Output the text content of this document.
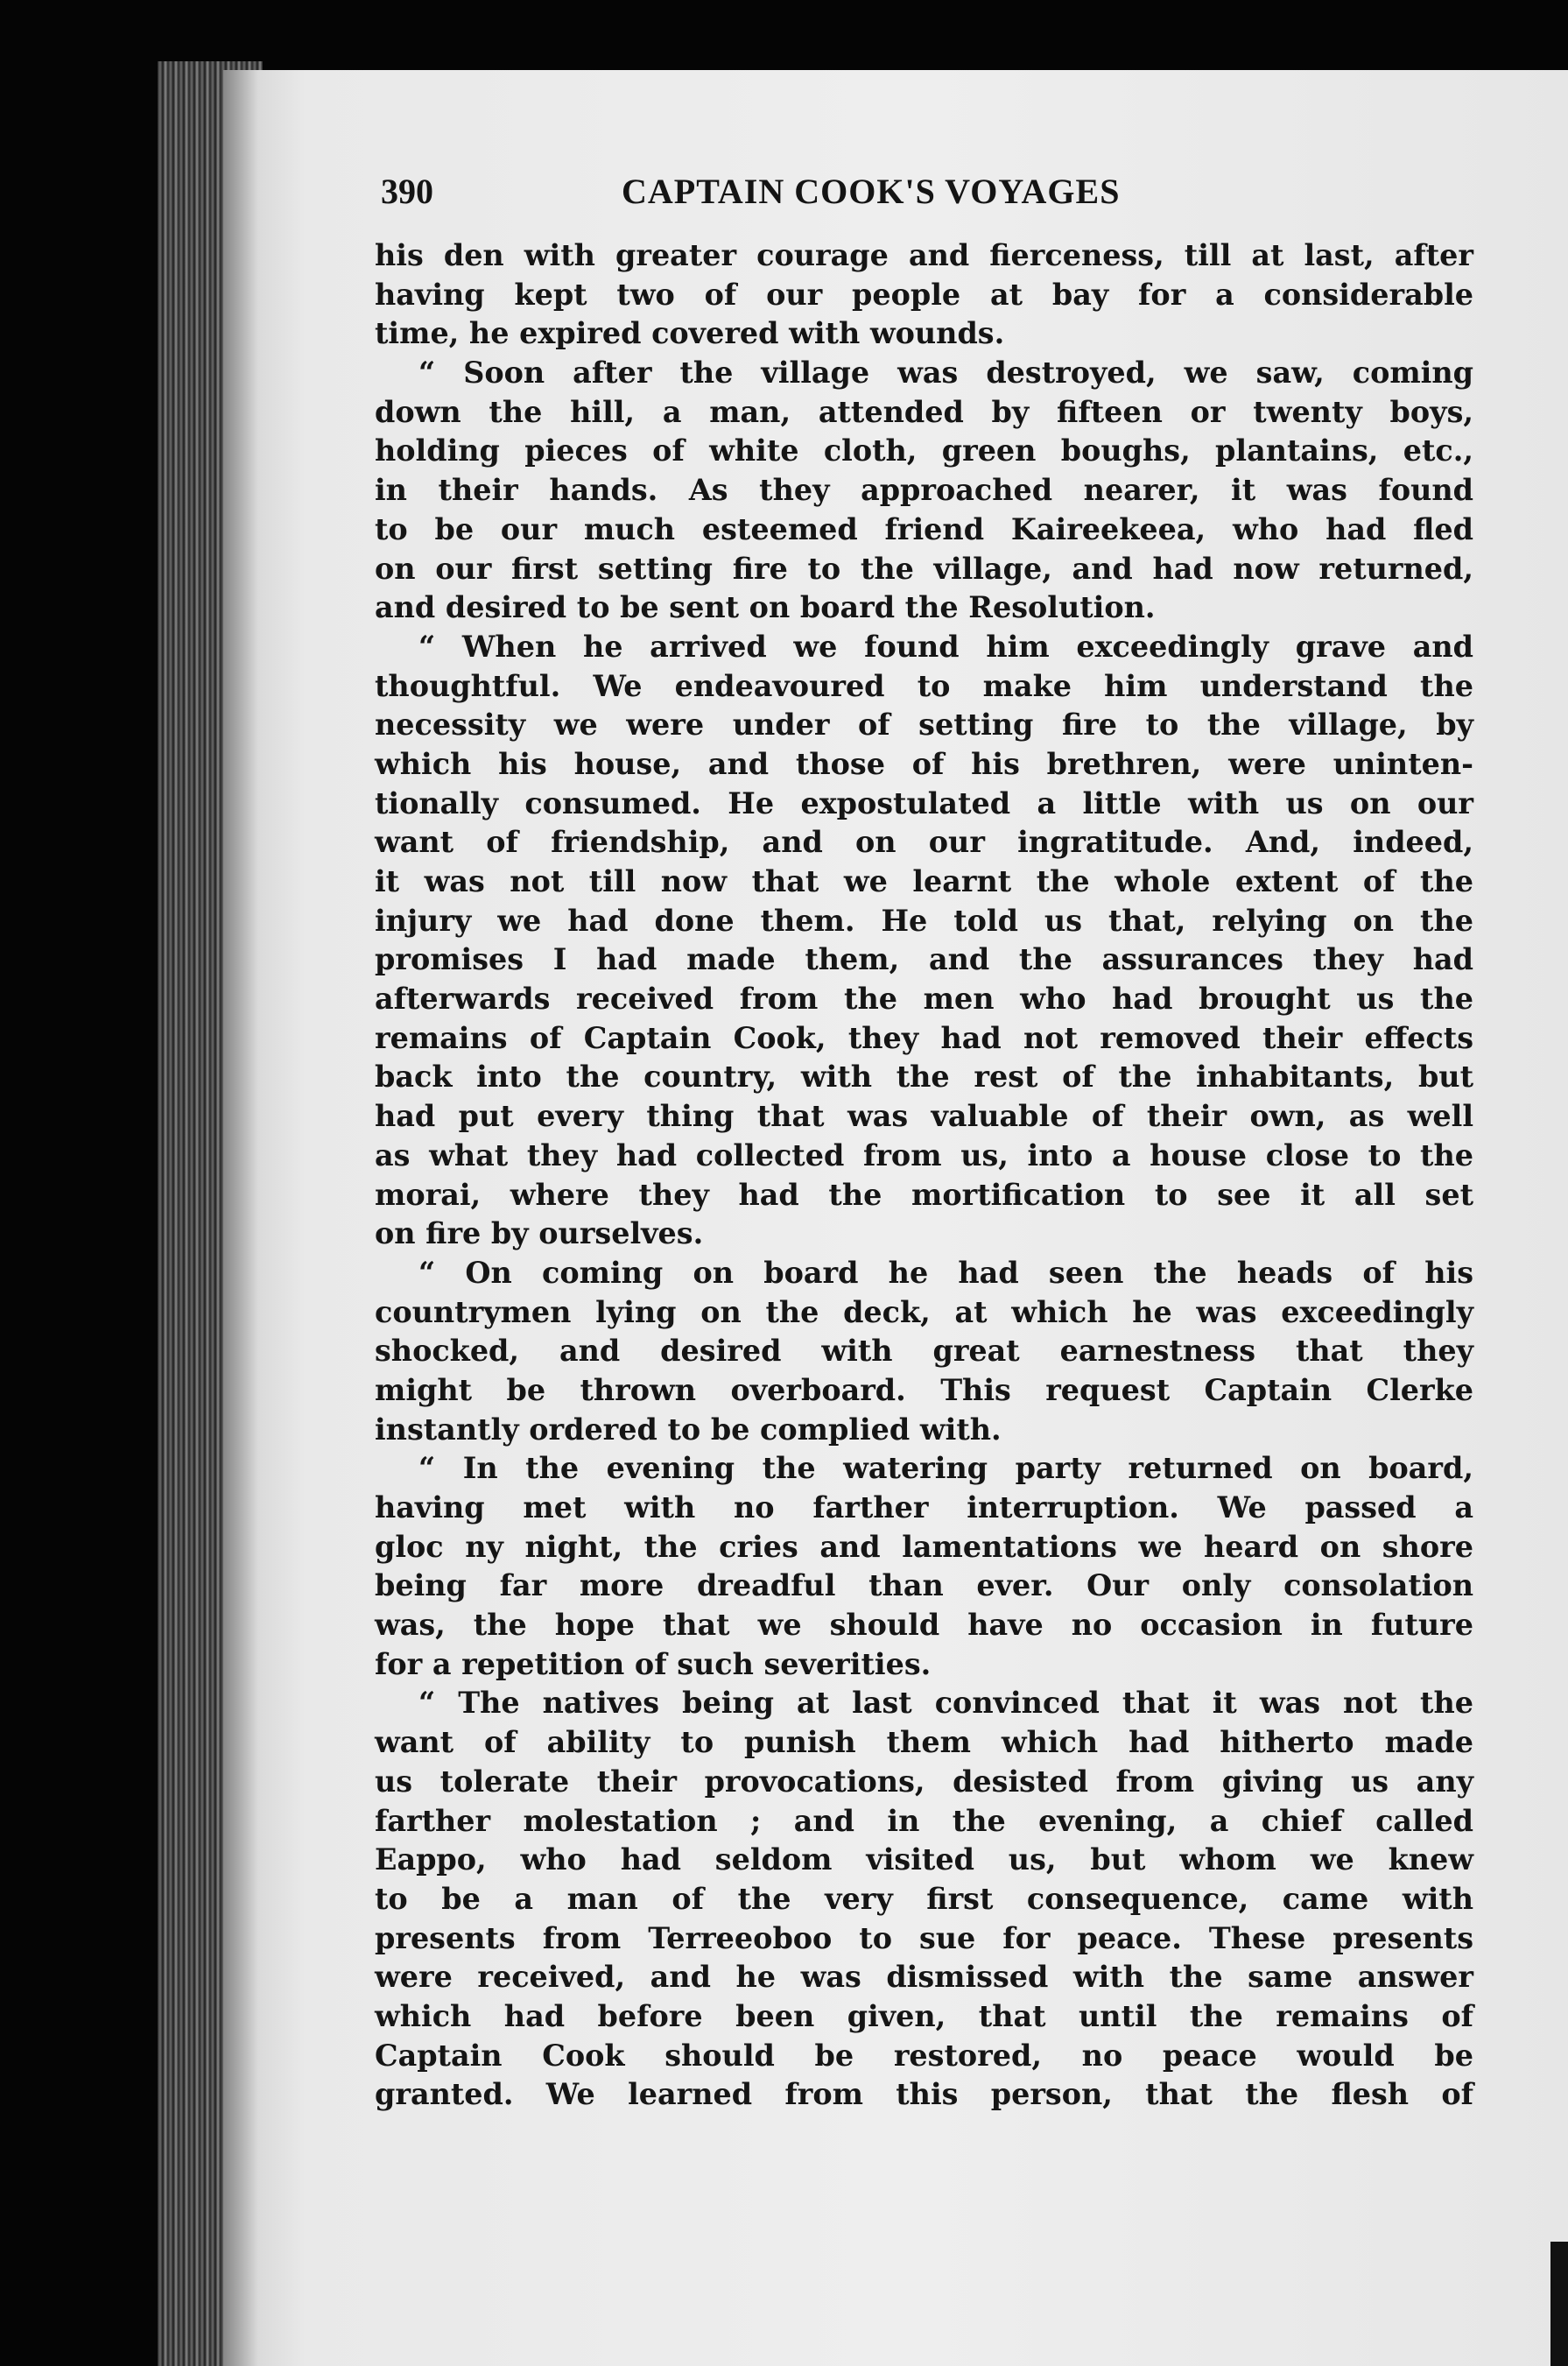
390	CAPTAIN COOK'S VOYAGES
his den with greater courage and fierceness, till at last, after
having kept two of our people at bay for a considerable
time, he expired covered with wounds.
“ Soon after the village was destroyed, we saw, coming
down the hill, a man, attended by fifteen or twenty boys,
holding pieces of white cloth, green boughs, plantains, etc.,
in their hands. As they approached nearer, it was found
to be our much esteemed friend Kaireekeea, who had fled
on our first setting fire to the village, and had now returned,
and desired to be sent on board the Resolution.
“ When he arrived we found him exceedingly grave and
thoughtful. We endeavoured to make him understand the
necessity we were under of setting fire to the village, by
which his house, and those of his brethren, were uninten-
tionally consumed. He expostulated a little with us on our
want of friendship, and on our ingratitude. And, indeed,
it was not till now that we learnt the whole extent of the
injury we had done them. He told us that, relying on the
promises I had made them, and the assurances they had
afterwards received from the men who had brought us the
remains of Captain Cook, they had not removed their effects
back into the country, with the rest of the inhabitants, but
had put every thing that was valuable of their own, as well
as what they had collected from us, into a house close to the
morai, where they had the mortification to see it all set
on fire by ourselves.
“ On coming on board he had seen the heads of his
countrymen lying on the deck, at which he was exceedingly
shocked, and desired with great earnestness that they
might be thrown overboard. This request Captain Clerke
instantly ordered to be complied with.
“ In the evening the watering party returned on board,
having met with no farther interruption. We passed a
gloc ny night, the cries and lamentations we heard on shore
being far more dreadful than ever. Our only consolation
was, the hope that we should have no occasion in future
for a repetition of such severities.
“ The natives being at last convinced that it was not the
want of ability to punish them which had hitherto made
us tolerate their provocations, desisted from giving us any
farther molestation ; and in the evening, a chief called
Eappo, who had seldom visited us, but whom we knew
to be a man of the very first consequence, came with
presents from Terreeoboo to sue for peace. These presents
were received, and he was dismissed with the same answer
which had before been given, that until the remains of
Captain Cook should be restored, no peace would be
granted. We learned from this person, that the flesh of
